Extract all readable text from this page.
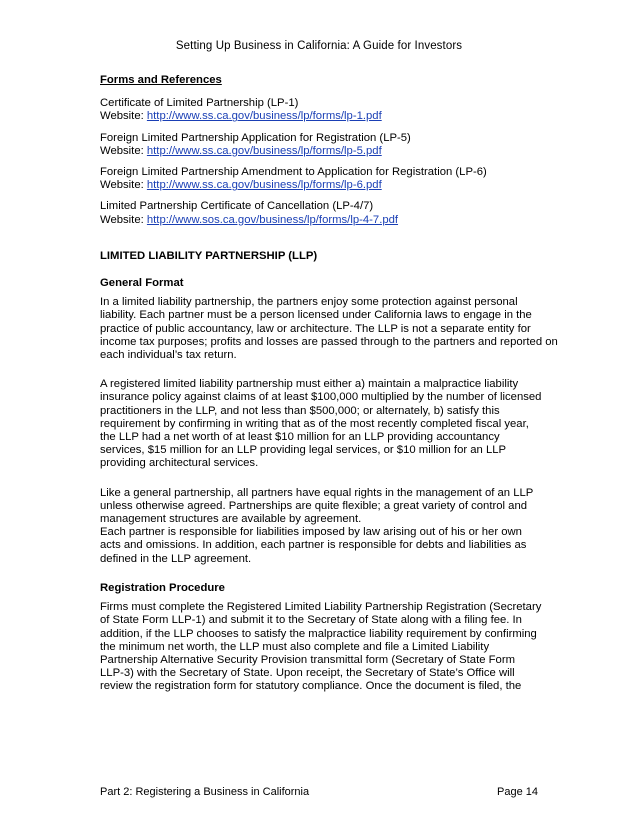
Setting Up Business in California: A Guide for Investors
Forms and References
Certificate of Limited Partnership (LP-1)
Website: http://www.ss.ca.gov/business/lp/forms/lp-1.pdf
Foreign Limited Partnership Application for Registration (LP-5)
Website: http://www.ss.ca.gov/business/lp/forms/lp-5.pdf
Foreign Limited Partnership Amendment to Application for Registration (LP-6)
Website: http://www.ss.ca.gov/business/lp/forms/lp-6.pdf
Limited Partnership Certificate of Cancellation (LP-4/7)
Website: http://www.sos.ca.gov/business/lp/forms/lp-4-7.pdf
LIMITED LIABILITY PARTNERSHIP (LLP)
General Format
In a limited liability partnership, the partners enjoy some protection against personal
liability. Each partner must be a person licensed under California laws to engage in the
practice of public accountancy, law or architecture. The LLP is not a separate entity for
income tax purposes; profits and losses are passed through to the partners and reported on
each individual’s tax return.
A registered limited liability partnership must either a) maintain a malpractice liability
insurance policy against claims of at least $100,000 multiplied by the number of licensed
practitioners in the LLP, and not less than $500,000; or alternately, b) satisfy this
requirement by confirming in writing that as of the most recently completed fiscal year,
the LLP had a net worth of at least $10 million for an LLP providing accountancy
services, $15 million for an LLP providing legal services, or $10 million for an LLP
providing architectural services.
Like a general partnership, all partners have equal rights in the management of an LLP
unless otherwise agreed. Partnerships are quite flexible; a great variety of control and
management structures are available by agreement.
Each partner is responsible for liabilities imposed by law arising out of his or her own
acts and omissions. In addition, each partner is responsible for debts and liabilities as
defined in the LLP agreement.
Registration Procedure
Firms must complete the Registered Limited Liability Partnership Registration (Secretary
of State Form LLP-1) and submit it to the Secretary of State along with a filing fee. In
addition, if the LLP chooses to satisfy the malpractice liability requirement by confirming
the minimum net worth, the LLP must also complete and file a Limited Liability
Partnership Alternative Security Provision transmittal form (Secretary of State Form
LLP-3) with the Secretary of State. Upon receipt, the Secretary of State’s Office will
review the registration form for statutory compliance. Once the document is filed, the
Part 2: Registering a Business in California	Page 14
